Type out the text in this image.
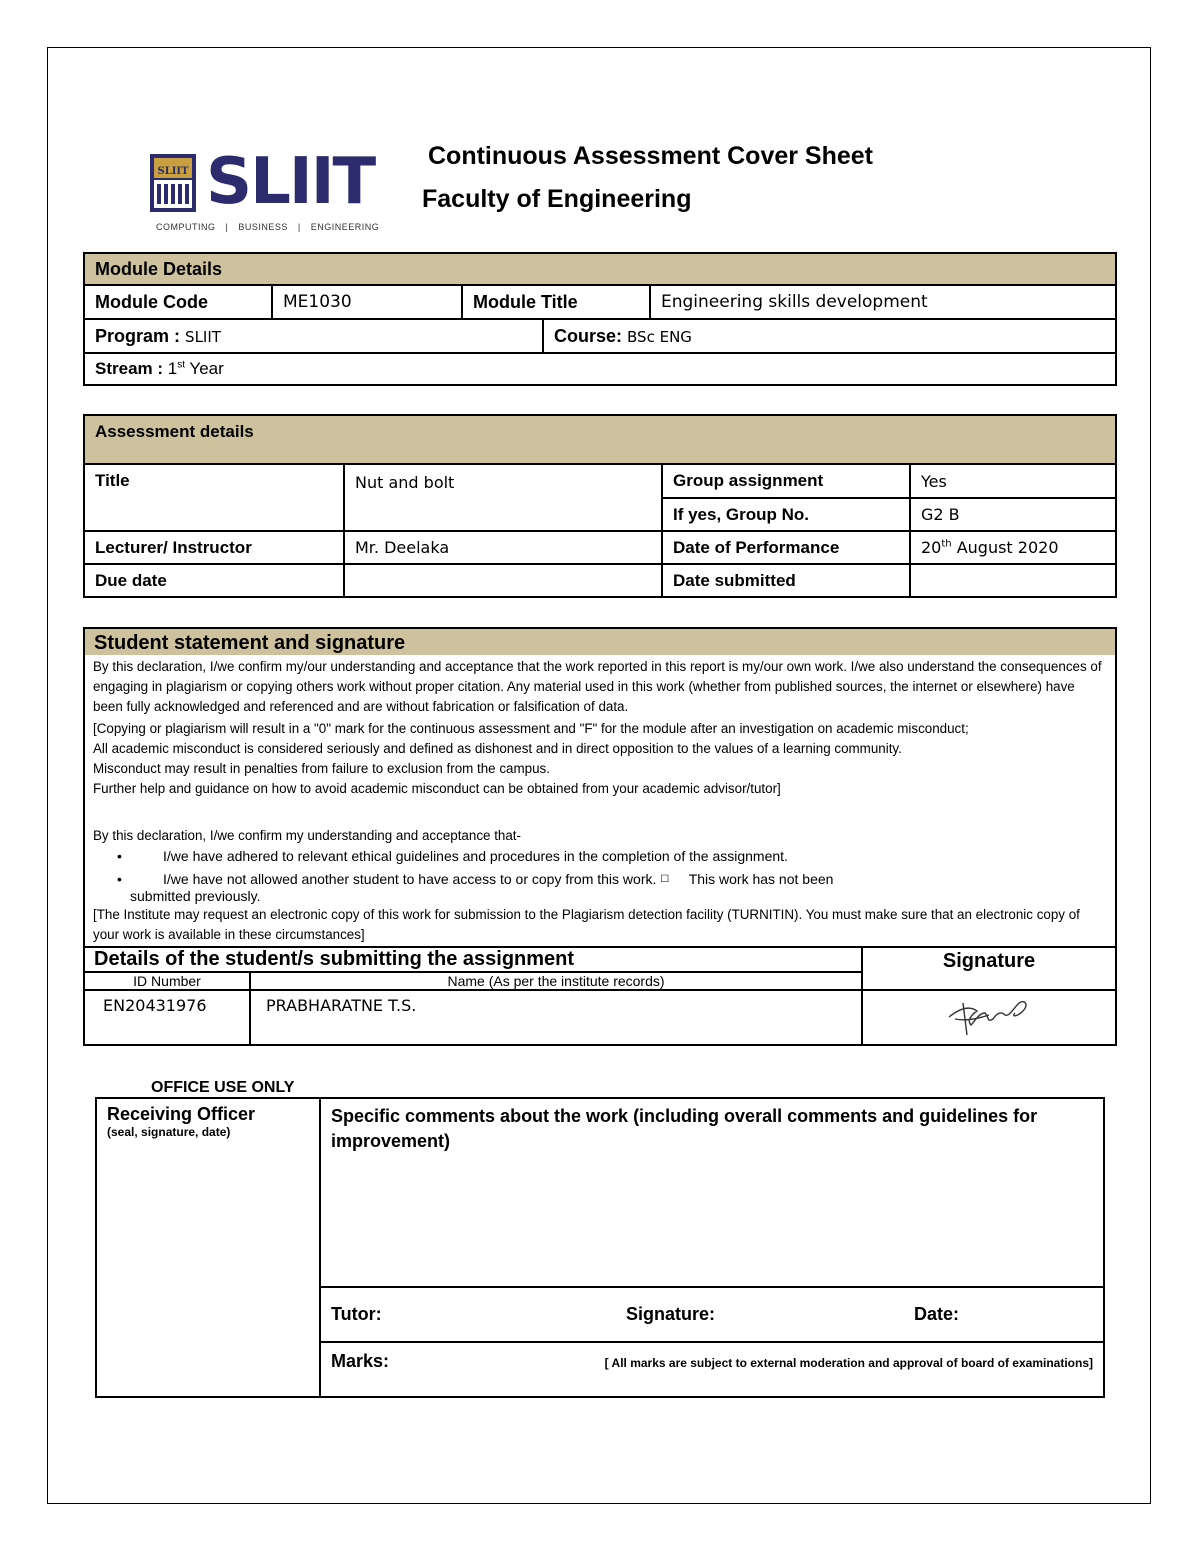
SLIIT SLIIT
COMPUTING | BUSINESS | ENGINEERING
Continuous Assessment Cover Sheet
Faculty of Engineering
Module Details
Module Code	ME1030	Module Title	Engineering skills development
Program : SLIIT	Course: BSc ENG
Stream : 1st Year
Assessment details			
Title	Nut and bolt	Group assignment	Yes
		If yes, Group No.	G2 B
Lecturer/ Instructor	Mr. Deelaka	Date of Performance	20th August 2020
Due date		Date submitted	
Student statement and signature

By this declaration, I/we confirm my/our understanding and acceptance that the work reported in this report is my/our own work. I/we also understand the consequences of engaging in plagiarism or copying others work without proper citation. Any material used in this work (whether from published sources, the internet or elsewhere) have been fully acknowledged and referenced and are without fabrication or falsification of data.

[Copying or plagiarism will result in a "0" mark for the continuous assessment and "F" for the module after an investigation on academic misconduct;

All academic misconduct is considered seriously and defined as dishonest and in direct opposition to the values of a learning community.

Misconduct may result in penalties from failure to exclusion from the campus.

Further help and guidance on how to avoid academic misconduct can be obtained from your academic advisor/tutor]

By this declaration, I/we confirm my understanding and acceptance that-

•	I/we have adhered to relevant ethical guidelines and procedures in the completion of the assignment.

•	I/we have not allowed another student to have access to or copy from this work. ☐ This work has not been
submitted previously.

[The Institute may request an electronic copy of this work for submission to the Plagiarism detection facility (TURNITIN). You must make sure that an electronic copy of your work is available in these circumstances]

Details of the student/s submitting the assignment		Signature
ID Number	Name (As per the institute records)	
EN20431976	PRABHARATNE T.S.	
OFFICE USE ONLY
Receiving Officer
(seal, signature, date)	Specific comments about the work (including overall comments and guidelines for improvement)		
	Tutor:	Signature:	Date:
	Marks: [ All marks are subject to external moderation and approval of board of examinations]		
